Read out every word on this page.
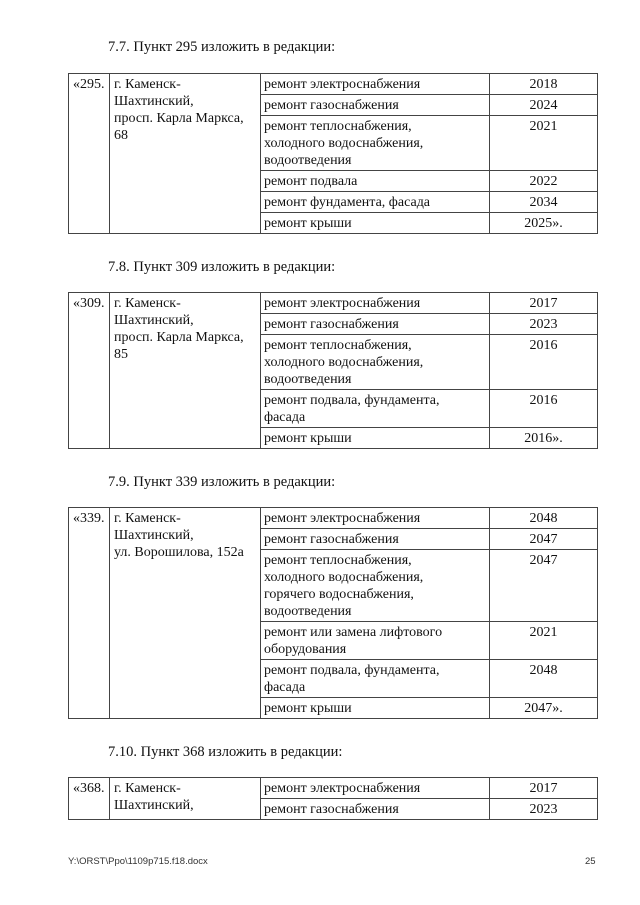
7.7. Пункт 295 изложить в редакции:
«295.	г. Каменск-
Шахтинский,
просп. Карла Маркса,
68	ремонт электроснабжения	2018
		ремонт газоснабжения	2024

		ремонт теплоснабжения,
холодного водоснабжения,
водоотведения	2021
		ремонт подвала	2022
		ремонт фундамента, фасада	2034
		ремонт крыши	2025».
7.8. Пункт 309 изложить в редакции:
«309.	г. Каменск-
Шахтинский,
просп. Карла Маркса,
85	ремонт электроснабжения	2017
		ремонт газоснабжения	2023

		ремонт теплоснабжения,
холодного водоснабжения,
водоотведения	2016

		ремонт подвала, фундамента,
фасада	2016
		ремонт крыши	2016».
7.9. Пункт 339 изложить в редакции:
«339.	г. Каменск-
Шахтинский,
ул. Ворошилова, 152а	ремонт электроснабжения	2048
		ремонт газоснабжения	2047

		ремонт теплоснабжения,
холодного водоснабжения,
горячего водоснабжения,
водоотведения	2047

		ремонт или замена лифтового
оборудования	2021

		ремонт подвала, фундамента,
фасада	2048
		ремонт крыши	2047».
7.10. Пункт 368 изложить в редакции:
«368.	г. Каменск-
Шахтинский,	ремонт электроснабжения	2017
		ремонт газоснабжения	2023
Y:\ORST\Ppo\1109p715.f18.docx	25
